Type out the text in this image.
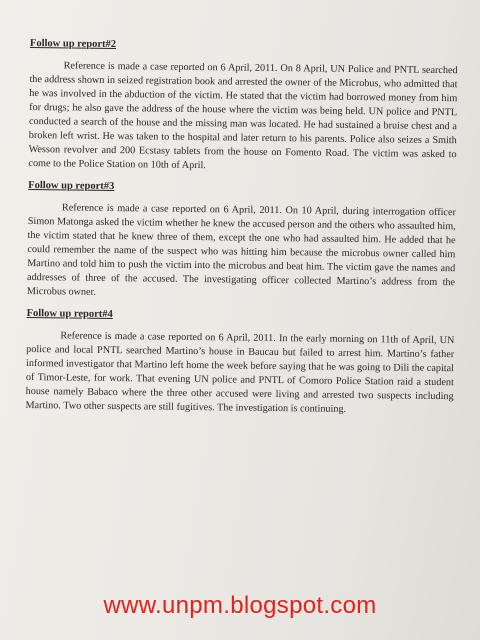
Follow up report#2

Reference is made a case reported on 6 April, 2011. On 8 April, UN Police and PNTL searched the address shown in seized registration book and arrested the owner of the Microbus, who admitted that he was involved in the abduction of the victim. He stated that the victim had borrowed money from him for drugs; he also gave the address of the house where the victim was being held. UN police and PNTL conducted a search of the house and the missing man was located. He had sustained a bruise chest and a broken left wrist. He was taken to the hospital and later return to his parents. Police also seizes a Smith Wesson revolver and 200 Ecstasy tablets from the house on Fomento Road. The victim was asked to come to the Police Station on 10th of April.

Follow up report#3

Reference is made a case reported on 6 April, 2011. On 10 April, during interrogation officer Simon Matonga asked the victim whether he knew the accused person and the others who assaulted him, the victim stated that he knew three of them, except the one who had assaulted him. He added that he could remember the name of the suspect who was hitting him because the microbus owner called him Martino and told him to push the victim into the microbus and beat him. The victim gave the names and addresses of three of the accused. The investigating officer collected Martino’s address from the Microbus owner.

Follow up report#4

Reference is made a case reported on 6 April, 2011. In the early morning on 11th of April, UN police and local PNTL searched Martino’s house in Baucau but failed to arrest him. Martino’s father informed investigator that Martino left home the week before saying that he was going to Dili the capital of Timor-Leste, for work. That evening UN police and PNTL of Comoro Police Station raid a student house namely Babaco where the three other accused were living and arrested two suspects including Martino. Two other suspects are still fugitives. The investigation is continuing.

www.unpm.blogspot.com
